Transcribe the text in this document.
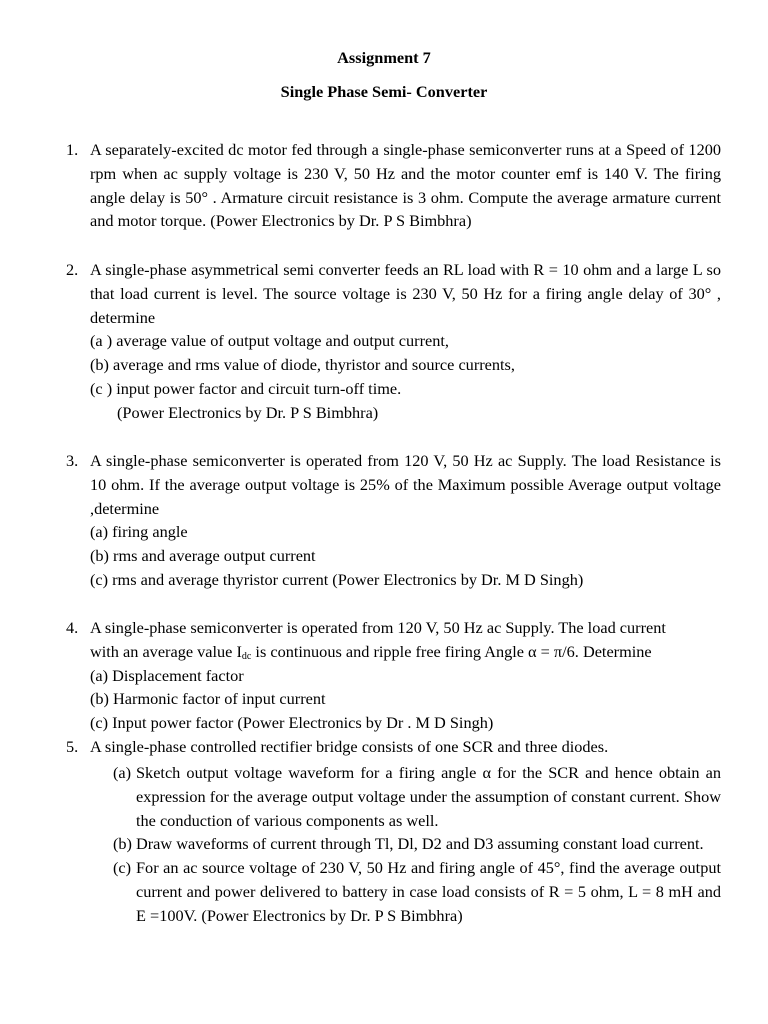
Assignment 7

Single Phase Semi- Converter

1. A separately-excited dc motor fed through a single-phase semiconverter runs at a Speed of 1200 rpm when ac supply voltage is 230 V, 50 Hz and the motor counter emf is 140 V. The firing angle delay is 50° . Armature circuit resistance is 3 ohm. Compute the average armature current and motor torque. (Power Electronics by Dr. P S Bimbhra)

2. A single-phase asymmetrical semi converter feeds an RL load with R = 10 ohm and a large L so that load current is level. The source voltage is 230 V, 50 Hz for a firing angle delay of 30° , determine

(a ) average value of output voltage and output current,

(b) average and rms value of diode, thyristor and source currents,

(c ) input power factor and circuit turn-off time.

(Power Electronics by Dr. P S Bimbhra)

3. A single-phase semiconverter is operated from 120 V, 50 Hz ac Supply. The load Resistance is 10 ohm. If the average output voltage is 25% of the Maximum possible Average output voltage ,determine

(a) firing angle

(b) rms and average output current

(c) rms and average thyristor current (Power Electronics by Dr. M D Singh)

4. A single-phase semiconverter is operated from 120 V, 50 Hz ac Supply. The load current

with an average value $I_{dc}$ is continuous and ripple free firing Angle α = π/6. Determine

(a) Displacement factor

(b) Harmonic factor of input current

(c) Input power factor (Power Electronics by Dr . M D Singh)

5. A single-phase controlled rectifier bridge consists of one SCR and three diodes.

(a) Sketch output voltage waveform for a firing angle α for the SCR and hence obtain an expression for the average output voltage under the assumption of constant current. Show the conduction of various components as well.

(b) Draw waveforms of current through Tl, Dl, D2 and D3 assuming constant load current.

(c) For an ac source voltage of 230 V, 50 Hz and firing angle of 45°, find the average output current and power delivered to battery in case load consists of R = 5 ohm, L = 8 mH and E =100V. (Power Electronics by Dr. P S Bimbhra)
